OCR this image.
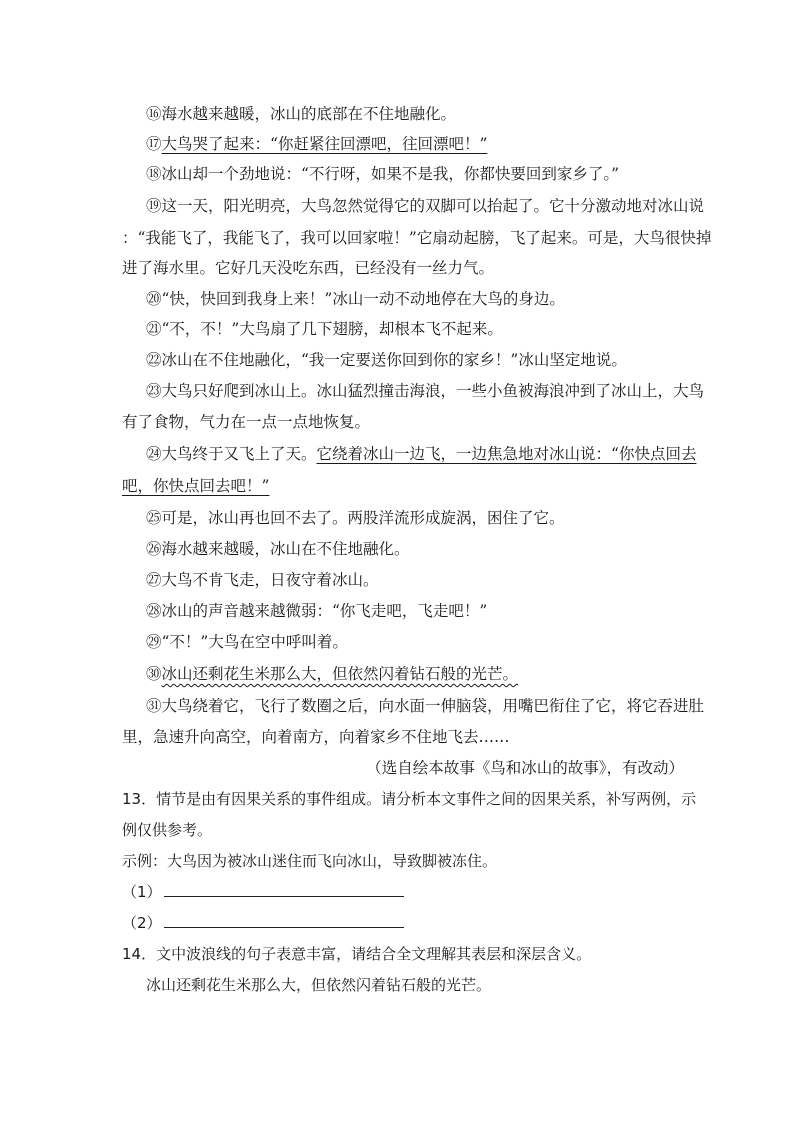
⑯海水越来越暖，冰山的底部在不住地融化。
⑰大鸟哭了起来：“你赶紧往回漂吧，往回漂吧！”
⑱冰山却一个劲地说：“不行呀，如果不是我，你都快要回到家乡了。”
⑲这一天，阳光明亮，大鸟忽然觉得它的双脚可以抬起了。它十分激动地对冰山说
：“我能飞了，我能飞了，我可以回家啦！”它扇动起膀，飞了起来。可是，大鸟很快掉
进了海水里。它好几天没吃东西，已经没有一丝力气。
⑳“快，快回到我身上来！”冰山一动不动地停在大鸟的身边。
㉑“不，不！”大鸟扇了几下翅膀，却根本飞不起来。
㉒冰山在不住地融化，“我一定要送你回到你的家乡！”冰山坚定地说。
㉓大鸟只好爬到冰山上。冰山猛烈撞击海浪，一些小鱼被海浪冲到了冰山上，大鸟
有了食物，气力在一点一点地恢复。
㉔大鸟终于又飞上了天。它绕着冰山一边飞，一边焦急地对冰山说：“你快点回去
吧，你快点回去吧！”
㉕可是，冰山再也回不去了。两股洋流形成旋涡，困住了它。
㉖海水越来越暖，冰山在不住地融化。
㉗大鸟不肯飞走，日夜守着冰山。
㉘冰山的声音越来越微弱：“你飞走吧，飞走吧！”
㉙“不！”大鸟在空中呼叫着。
㉚冰山还剩花生米那么大，但依然闪着钻石般的光芒。
㉛大鸟绕着它，飞行了数圈之后，向水面一伸脑袋，用嘴巴衔住了它，将它吞进肚
里，急速升向高空，向着南方，向着家乡不住地飞去……
（选自绘本故事《鸟和冰山的故事》，有改动）
13．情节是由有因果关系的事件组成。请分析本文事件之间的因果关系，补写两例，示
例仅供参考。
示例：大鸟因为被冰山迷住而飞向冰山，导致脚被冻住。
（1）
（2）
14．文中波浪线的句子表意丰富，请结合全文理解其表层和深层含义。
冰山还剩花生米那么大，但依然闪着钻石般的光芒。
